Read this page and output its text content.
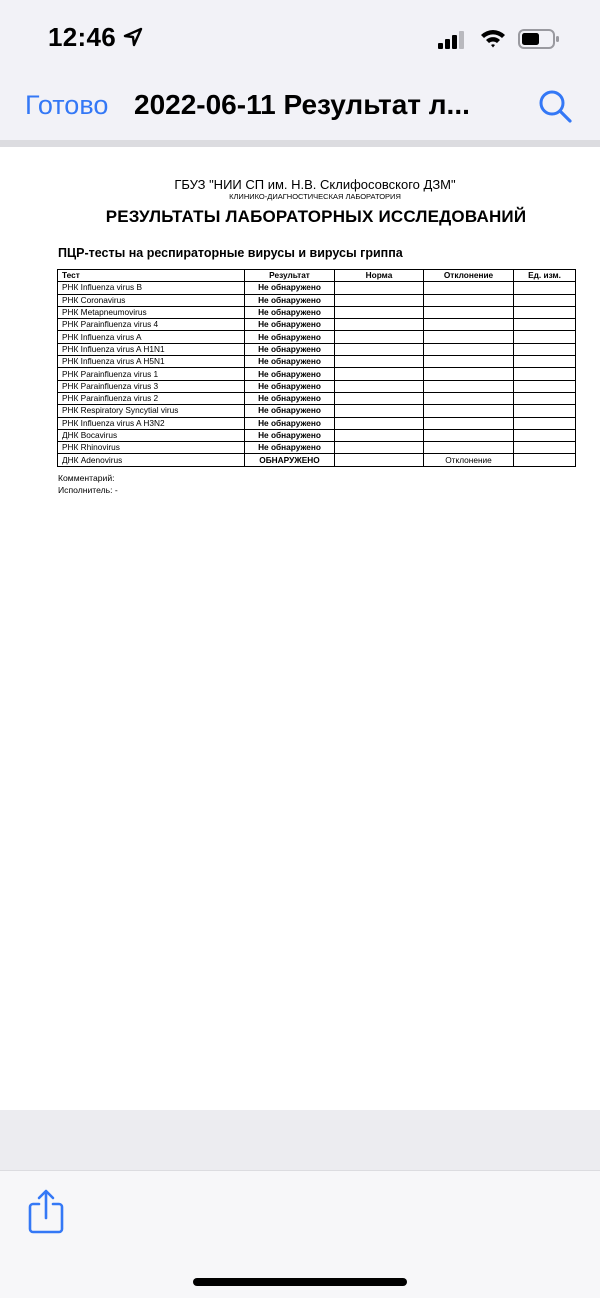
12:46
Готово 2022-06-11 Результат л...
ГБУЗ "НИИ СП им. Н.В. Склифосовского ДЗМ"
КЛИНИКО-ДИАГНОСТИЧЕСКАЯ ЛАБОРАТОРИЯ
РЕЗУЛЬТАТЫ ЛАБОРАТОРНЫХ ИССЛЕДОВАНИЙ
ПЦР-тесты на респираторные вирусы и вирусы гриппа
Тест	Результат	Норма	Отклонение	Ед. изм.
РНК Influenza virus B	Не обнаружено			
РНК Coronavirus	Не обнаружено			
РНК Metapneumovirus	Не обнаружено			
РНК Parainfluenza virus 4	Не обнаружено			
РНК Influenza virus A	Не обнаружено			
РНК Influenza virus A H1N1	Не обнаружено			
РНК Influenza virus A H5N1	Не обнаружено			
РНК Parainfluenza virus 1	Не обнаружено			
РНК Parainfluenza virus 3	Не обнаружено			
РНК Parainfluenza virus 2	Не обнаружено			
РНК Respiratory Syncytial virus	Не обнаружено			
РНК Influenza virus A H3N2	Не обнаружено			
ДНК Bocavirus	Не обнаружено			
РНК Rhinovirus	Не обнаружено			
ДНК Adenovirus	ОБНАРУЖЕНО		Отклонение	
Комментарий:
Исполнитель: -
